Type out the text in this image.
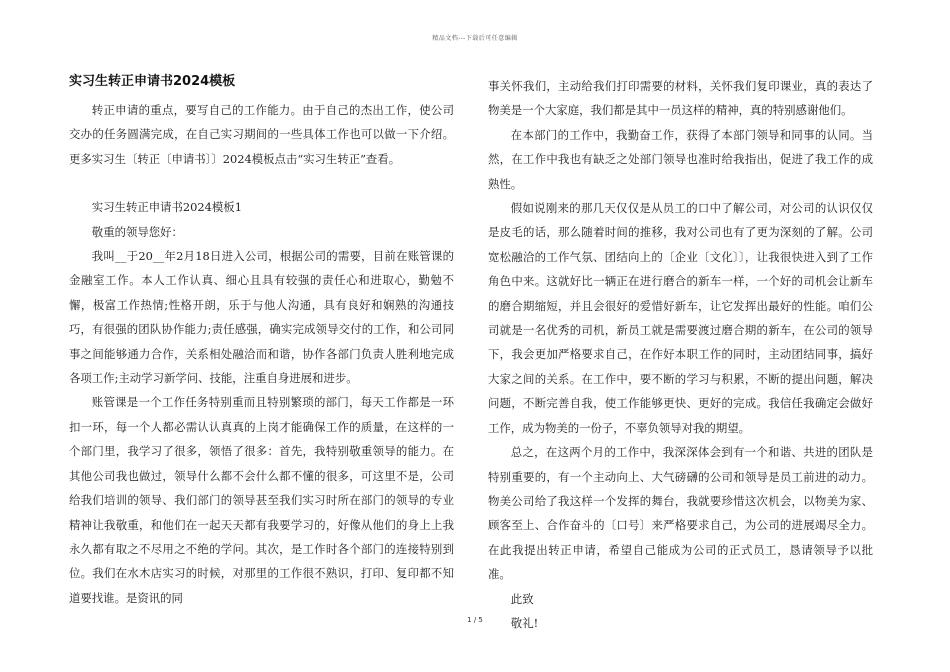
精品文档---下载后可任意编辑
实习生转正申请书2024模板

转正申请的重点，要写自己的工作能力。由于自己的杰出工作，使公司交办的任务圆满完成，在自己实习期间的一些具体工作也可以做一下介绍。更多实习生〔转正〔申请书〕〕2024模板点击“实习生转正”查看。

实习生转正申请书2024模板1

敬重的领导您好：

我叫__于20__年2月18日进入公司，根据公司的需要，目前在账管课的金融室工作。本人工作认真、细心且具有较强的责任心和进取心，勤勉不懈，极富工作热情;性格开朗，乐于与他人沟通，具有良好和娴熟的沟通技巧，有很强的团队协作能力;责任感强，确实完成领导交付的工作，和公司同事之间能够通力合作，关系相处融洽而和谐，协作各部门负责人胜利地完成各项工作;主动学习新学问、技能，注重自身进展和进步。

账管课是一个工作任务特别重而且特别繁琐的部门，每天工作都是一环扣一环，每一个人都必需认认真真的上岗才能确保工作的质量，在这样的一个部门里，我学习了很多，领悟了很多：首先，我特别敬重领导的能力。在其他公司我也做过，领导什么都不会什么都不懂的很多，可这里不是，公司给我们培训的领导、我们部门的领导甚至我们实习时所在部门的领导的专业精神让我敬重，和他们在一起天天都有我要学习的，好像从他们的身上上我永久都有取之不尽用之不绝的学问。其次，是工作时各个部门的连接特别到位。我们在水木店实习的时候，对那里的工作很不熟识，打印、复印都不知道要找谁。是资讯的同

事关怀我们，主动给我们打印需要的材料，关怀我们复印课业，真的表达了物美是一个大家庭，我们都是其中一员这样的精神，真的特别感谢他们。

在本部门的工作中，我勤奋工作，获得了本部门领导和同事的认同。当然，在工作中我也有缺乏之处部门领导也准时给我指出，促进了我工作的成熟性。

假如说刚来的那几天仅仅是从员工的口中了解公司，对公司的认识仅仅是皮毛的话，那么随着时间的推移，我对公司也有了更为深刻的了解。公司宽松融洽的工作气氛、团结向上的〔企业〔文化〕〕，让我很快进入到了工作角色中来。这就好比一辆正在进行磨合的新车一样，一个好的司机会让新车的磨合期缩短，并且会很好的爱惜好新车，让它发挥出最好的性能。咱们公司就是一名优秀的司机，新员工就是需要渡过磨合期的新车，在公司的领导下，我会更加严格要求自己，在作好本职工作的同时，主动团结同事，搞好大家之间的关系。在工作中，要不断的学习与积累，不断的提出问题，解决问题，不断完善自我，使工作能够更快、更好的完成。我信任我确定会做好工作，成为物美的一份子，不辜负领导对我的期望。

总之，在这两个月的工作中，我深深体会到有一个和谐、共进的团队是特别重要的，有一个主动向上、大气磅礴的公司和领导是员工前进的动力。物美公司给了我这样一个发挥的舞台，我就要珍惜这次机会，以物美为家、顾客至上、合作奋斗的〔口号〕来严格要求自己，为公司的进展竭尽全力。在此我提出转正申请，希望自己能成为公司的正式员工，恳请领导予以批准。

此致

敬礼!

1 / 5
